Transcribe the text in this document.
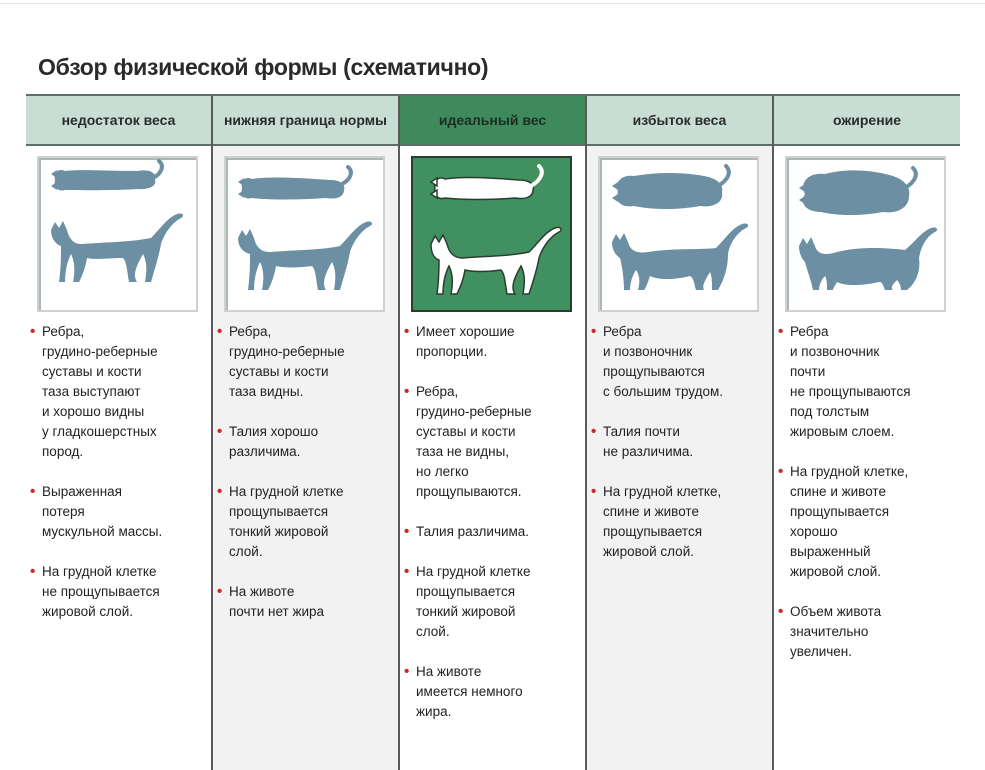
Обзор физической формы (схематично)
недостаток веса
• Ребра,
грудино-реберные
суставы и кости
таза выступают
и хорошо видны
у гладкошерстных
пород.
• Выраженная
потеря
мускульной массы.
• На грудной клетке
не прощупывается
жировой слой.
нижняя граница нормы
• Ребра,
грудино-реберные
суставы и кости
таза видны.
• Талия хорошо
различима.
• На грудной клетке
прощупывается
тонкий жировой
слой.
• На животе
почти нет жира
идеальный вес
• Имеет хорошие
пропорции.
• Ребра,
грудино-реберные
суставы и кости
таза не видны,
но легко
прощупываются.
• Талия различима.
• На грудной клетке
прощупывается
тонкий жировой
слой.
• На животе
имеется немного
жира.
избыток веса
• Ребра
и позвоночник
прощупываются
с большим трудом.
• Талия почти
не различима.
• На грудной клетке,
спине и животе
прощупывается
жировой слой.
ожирение
• Ребра
и позвоночник
почти
не прощупываются
под толстым
жировым слоем.
• На грудной клетке,
спине и животе
прощупывается
хорошо
выраженный
жировой слой.
• Объем живота
значительно
увеличен.
